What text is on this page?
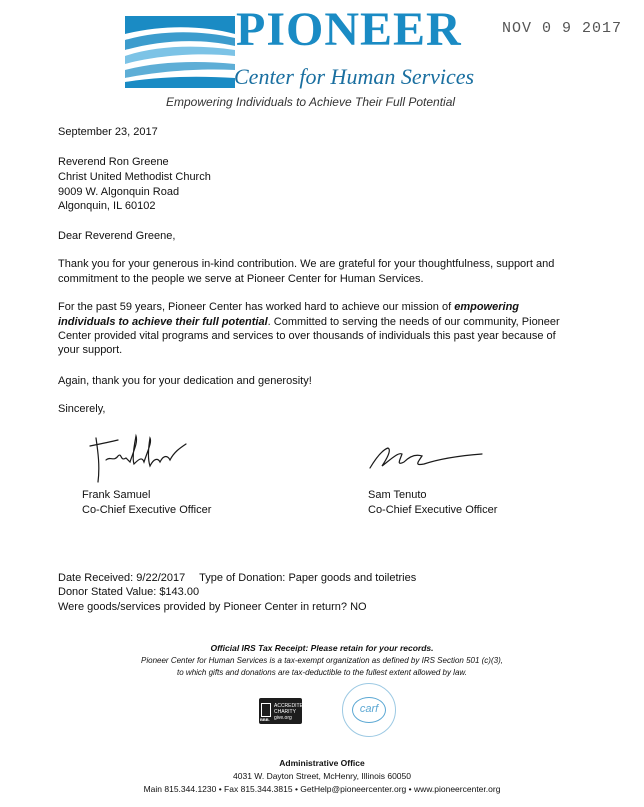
PIONEER
Center for Human Services
Empowering Individuals to Achieve Their Full Potential
NOV 0 9 2017
September 23, 2017
Reverend Ron Greene
Christ United Methodist Church
9009 W. Algonquin Road
Algonquin, IL 60102
Dear Reverend Greene,
Thank you for your generous in-kind contribution. We are grateful for your thoughtfulness, support and
commitment to the people we serve at Pioneer Center for Human Services.
For the past 59 years, Pioneer Center has worked hard to achieve our mission of empowering
individuals to achieve their full potential. Committed to serving the needs of our community, Pioneer
Center provided vital programs and services to over thousands of individuals this past year because of
your support.
Again, thank you for your dedication and generosity!
Sincerely,
Frank Samuel
Co-Chief Executive Officer
Sam Tenuto
Co-Chief Executive Officer
Date Received: 9/22/2017 Type of Donation: Paper goods and toiletries
Donor Stated Value: $143.00
Were goods/services provided by Pioneer Center in return? NO
Official IRS Tax Receipt: Please retain for your records.
Pioneer Center for Human Services is a tax-exempt organization as defined by IRS Section 501 (c)(3),
to which gifts and donations are tax-deductible to the fullest extent allowed by law.
BBB.
ACCREDITED
CHARITY
give.org
carf
Administrative Office
4031 W. Dayton Street, McHenry, Illinois 60050
Main 815.344.1230 • Fax 815.344.3815 • GetHelp@pioneercenter.org • www.pioneercenter.org
